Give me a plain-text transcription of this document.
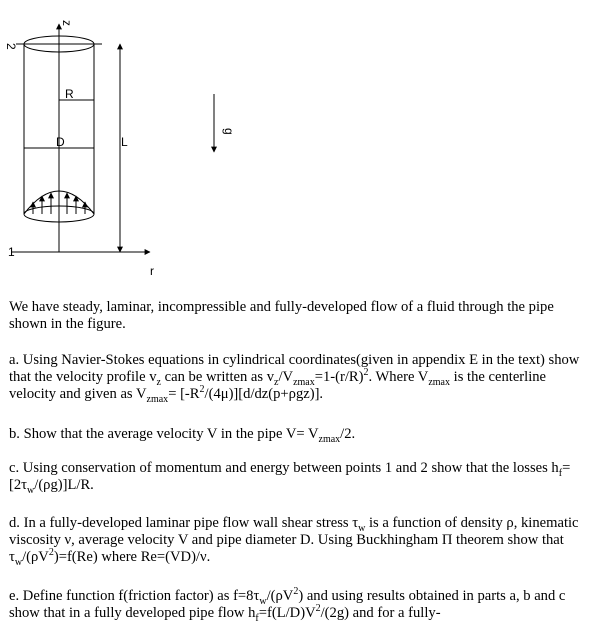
z
2
R
D	L
g
1
r

We have steady, laminar, incompressible and fully-developed flow of a fluid through the pipe shown in the figure.

a. Using Navier-Stokes equations in cylindrical coordinates(given in appendix E in the text) show that the velocity profile $v_z$ can be written as $v_z/V_{zmax}=1-(r/R)^2$. Where $V_{zmax}$ is the centerline velocity and given as $V_{zmax}= [-R^2/(4\mu)][d/dz(p+\rho gz)]$.

b. Show that the average velocity V in the pipe $V= V_{zmax}/2$.

c. Using conservation of momentum and energy between points 1 and 2 show that the losses $h_f=[2\tau_w/(\rho g)]L/R$.

d. In a fully-developed laminar pipe flow wall shear stress $\tau_w$ is a function of density ρ, kinematic viscosity ν, average velocity V and pipe diameter D. Using Buckhingham Π theorem show that $\tau_w/(\rho V^2)=f(Re)$ where Re=(VD)/ν.

e. Define function f(friction factor) as $f=8\tau_w/(\rho V^2)$ and using results obtained in parts a, b and c show that in a fully developed pipe flow $h_f=f(L/D)V^2/(2g)$ and for a fully-
